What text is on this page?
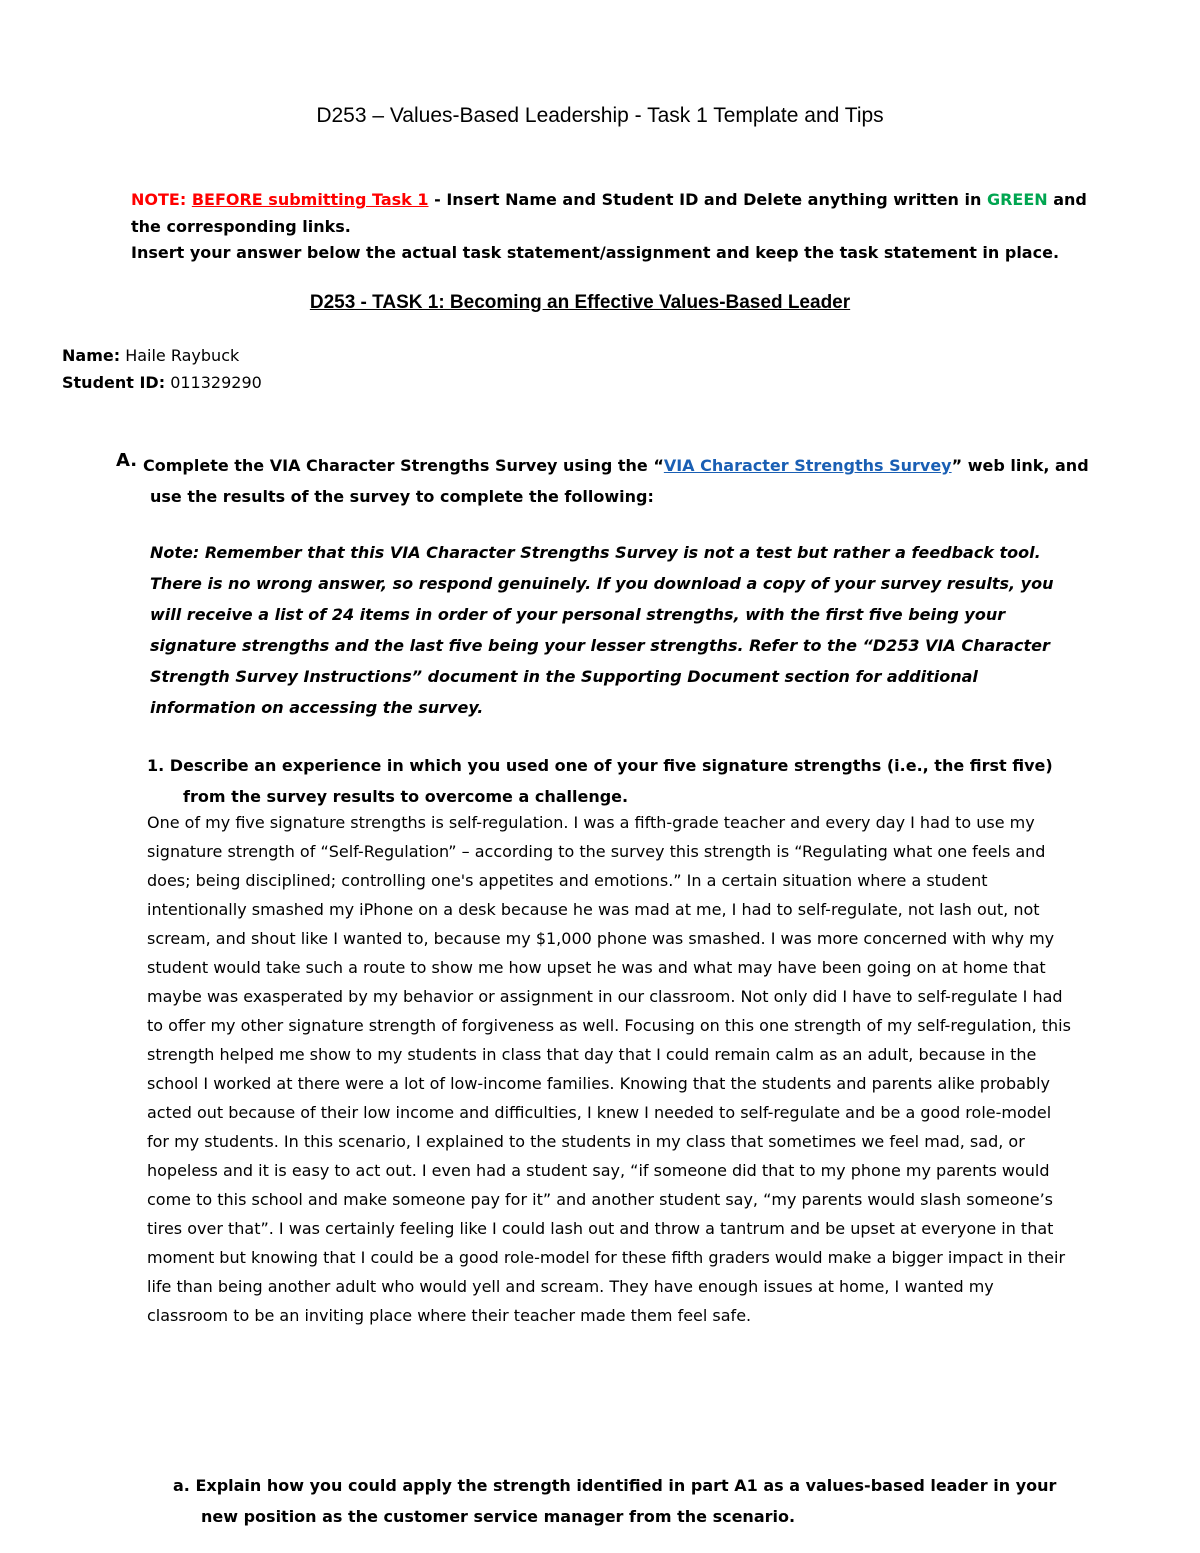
D253 – Values-Based Leadership - Task 1 Template and Tips

NOTE: BEFORE submitting Task 1 - Insert Name and Student ID and Delete anything written in GREEN and the corresponding links.
Insert your answer below the actual task statement/assignment and keep the task statement in place.

D253 - TASK 1: Becoming an Effective Values-Based Leader
Name: Haile Raybuck
Student ID: 011329290
A. Complete the VIA Character Strengths Survey using the “VIA Character Strengths Survey” web link, and use the results of the survey to complete the following:

Note: Remember that this VIA Character Strengths Survey is not a test but rather a feedback tool. There is no wrong answer, so respond genuinely. If you download a copy of your survey results, you will receive a list of 24 items in order of your personal strengths, with the first five being your signature strengths and the last five being your lesser strengths. Refer to the “D253 VIA Character Strength Survey Instructions” document in the Supporting Document section for additional information on accessing the survey.

1. Describe an experience in which you used one of your five signature strengths (i.e., the first five)
from the survey results to overcome a challenge.

One of my five signature strengths is self-regulation. I was a fifth-grade teacher and every day I had to use my signature strength of “Self-Regulation” – according to the survey this strength is “Regulating what one feels and does; being disciplined; controlling one's appetites and emotions.” In a certain situation where a student intentionally smashed my iPhone on a desk because he was mad at me, I had to self-regulate, not lash out, not scream, and shout like I wanted to, because my $1,000 phone was smashed. I was more concerned with why my student would take such a route to show me how upset he was and what may have been going on at home that maybe was exasperated by my behavior or assignment in our classroom. Not only did I have to self-regulate I had to offer my other signature strength of forgiveness as well. Focusing on this one strength of my self-regulation, this strength helped me show to my students in class that day that I could remain calm as an adult, because in the school I worked at there were a lot of low-income families. Knowing that the students and parents alike probably acted out because of their low income and difficulties, I knew I needed to self-regulate and be a good role-model for my students. In this scenario, I explained to the students in my class that sometimes we feel mad, sad, or hopeless and it is easy to act out. I even had a student say, “if someone did that to my phone my parents would come to this school and make someone pay for it” and another student say, “my parents would slash someone’s tires over that”. I was certainly feeling like I could lash out and throw a tantrum and be upset at everyone in that moment but knowing that I could be a good role-model for these fifth graders would make a bigger impact in their life than being another adult who would yell and scream. They have enough issues at home, I wanted my classroom to be an inviting place where their teacher made them feel safe.

a. Explain how you could apply the strength identified in part A1 as a values-based leader in your
new position as the customer service manager from the scenario.
